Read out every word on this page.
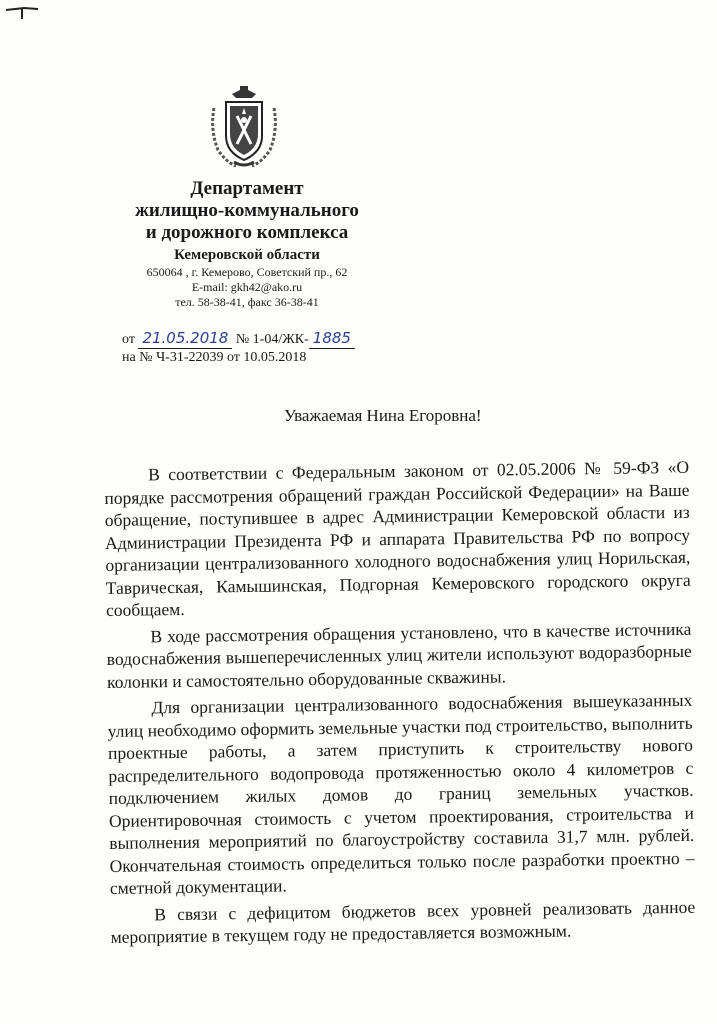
Департамент
жилищно-коммунального
и дорожного комплекса
Кемеровской области
650064 , г. Кемерово, Советский пр., 62
E-mail: gkh42@ako.ru
тел. 58-38-41, факс 36-38-41
от 21.05.2018 № 1-04/ЖК- 1885
на № Ч-31-22039 от 10.05.2018
Уважаемая Нина Егоровна!

В соответствии с Федеральным законом от 02.05.2006 № 59-ФЗ «О порядке рассмотрения обращений граждан Российской Федерации» на Ваше обращение, поступившее в адрес Администрации Кемеровской области из Администрации Президента РФ и аппарата Правительства РФ по вопросу организации централизованного холодного водоснабжения улиц Норильская, Таврическая, Камышинская, Подгорная Кемеровского городского округа сообщаем.

В ходе рассмотрения обращения установлено, что в качестве источника водоснабжения вышеперечисленных улиц жители используют водоразборные колонки и самостоятельно оборудованные скважины.

Для организации централизованного водоснабжения вышеуказанных улиц необходимо оформить земельные участки под строительство, выполнить проектные работы, а затем приступить к строительству нового распределительного водопровода протяженностью около 4 километров с подключением жилых домов до границ земельных участков. Ориентировочная стоимость с учетом проектирования, строительства и выполнения мероприятий по благоустройству составила 31,7 млн. рублей. Окончательная стоимость определиться только после разработки проектно – сметной документации.

В связи с дефицитом бюджетов всех уровней реализовать данное мероприятие в текущем году не предоставляется возможным.
